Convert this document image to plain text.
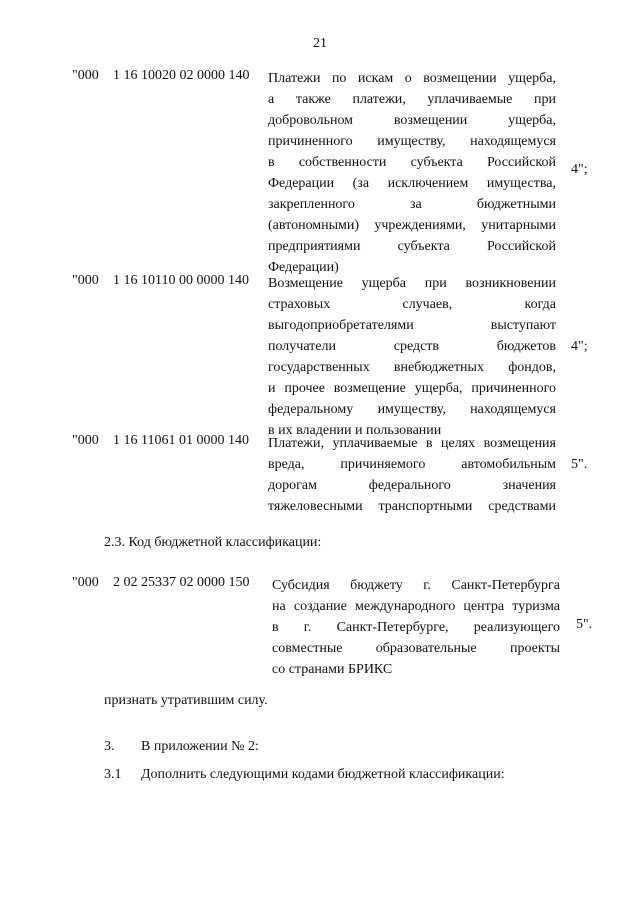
21
"000 1 16 10020 02 0000 140 Платежи по искам о возмещении ущерба,
а также платежи, уплачиваемые при
добровольном возмещении ущерба,
причиненного имуществу, находящемуся
в собственности субъекта Российской
Федерации (за исключением имущества,
закрепленного за бюджетными
(автономными) учреждениями, унитарными
предприятиями субъекта Российской
Федерации)
4";
"000 1 16 10110 00 0000 140 Возмещение ущерба при возникновении
страховых случаев, когда
выгодоприобретателями выступают
получатели средств бюджетов
государственных внебюджетных фондов,
и прочее возмещение ущерба, причиненного
федеральному имуществу, находящемуся
в их владении и пользовании
4";
"000 1 16 11061 01 0000 140 Платежи, уплачиваемые в целях возмещения
вреда, причиняемого автомобильным
дорогам федерального значения
тяжеловесными транспортными средствами
5".
2.3. Код бюджетной классификации:
"000 2 02 25337 02 0000 150 Субсидия бюджету г. Санкт-Петербурга
на создание международного центра туризма
в г. Санкт-Петербурге, реализующего
совместные образовательные проекты
со странами БРИКС
5".
признать утратившим силу.
3. В приложении № 2:
3.1 Дополнить следующими кодами бюджетной классификации:
